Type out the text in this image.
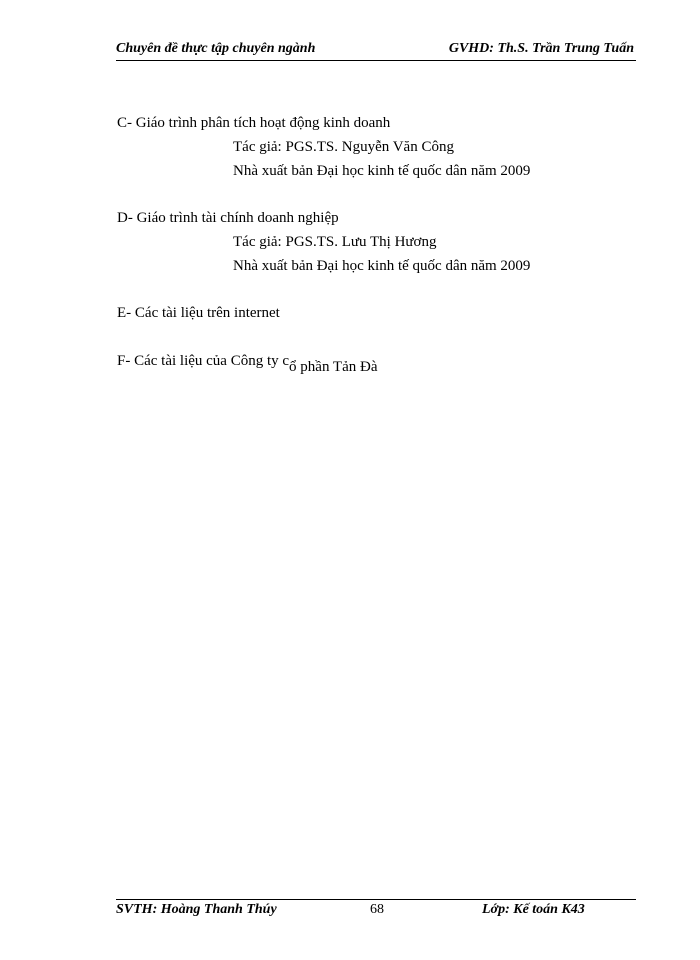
Chuyên đề thực tập chuyên ngành	GVHD: Th.S. Trần Trung Tuấn
C- Giáo trình phân tích hoạt động kinh doanh
Tác giả: PGS.TS. Nguyễn Văn Công
Nhà xuất bản Đại học kinh tế quốc dân năm 2009
D- Giáo trình tài chính doanh nghiệp
Tác giả: PGS.TS. Lưu Thị Hương
Nhà xuất bản Đại học kinh tế quốc dân năm 2009
E- Các tài liệu trên internet
F- Các tài liệu của Công ty cổ phần Tản Đà
SVTH: Hoàng Thanh Thúy	68	Lớp: Kế toán K43
